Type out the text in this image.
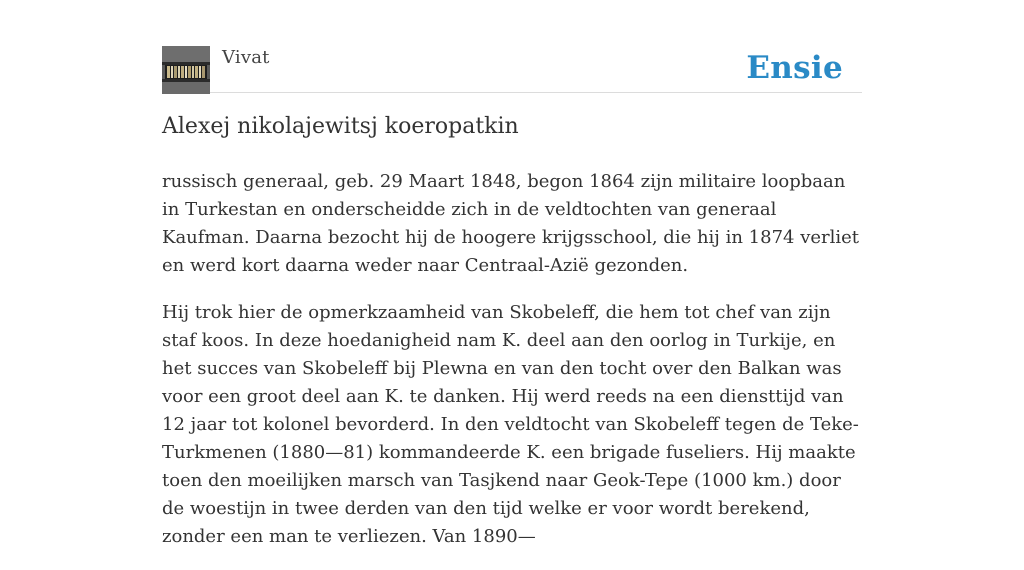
Vivat	Ensie
Alexej nikolajewitsj koeropatkin

russisch generaal, geb. 29 Maart 1848, begon 1864 zijn militaire loopbaan in Turkestan en onderscheidde zich in de veldtochten van generaal Kaufman. Daarna bezocht hij de hoogere krijgsschool, die hij in 1874 verliet en werd kort daarna weder naar Centraal-Azië gezonden.

Hij trok hier de opmerkzaamheid van Skobeleff, die hem tot chef van zijn staf koos. In deze hoedanigheid nam K. deel aan den oorlog in Turkije, en het succes van Skobeleff bij Plewna en van den tocht over den Balkan was voor een groot deel aan K. te danken. Hij werd reeds na een diensttijd van 12 jaar tot kolonel bevorderd. In den veldtocht van Skobeleff tegen de Teke-Turkmenen (1880—81) kommandeerde K. een brigade fuseliers. Hij maakte toen den moeilijken marsch van Tasjkend naar Geok-Tepe (1000 km.) door de woestijn in twee derden van den tijd welke er voor wordt berekend, zonder een man te verliezen. Van 1890—
